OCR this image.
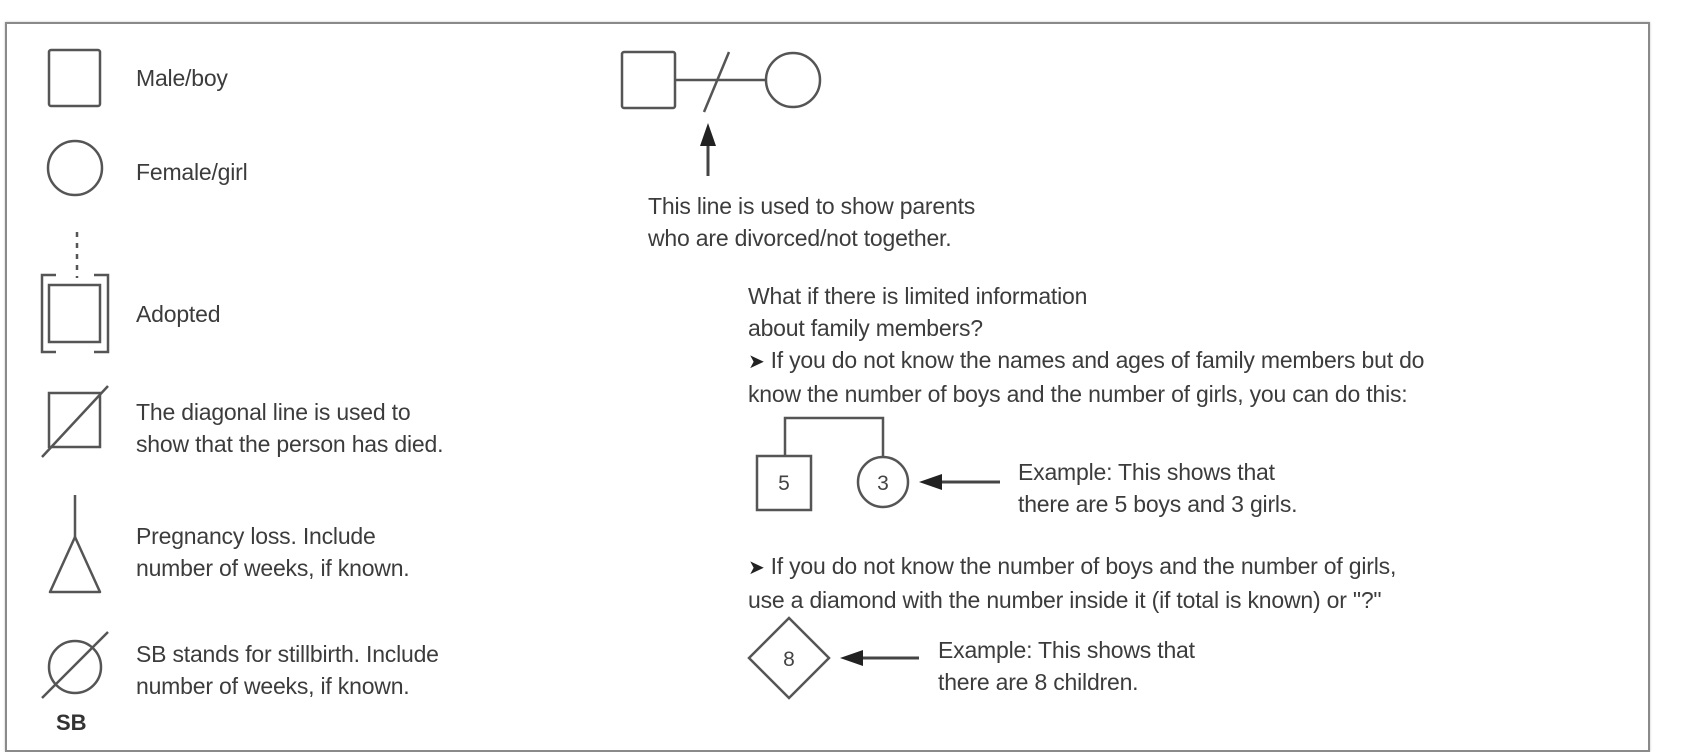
5	3
8
Male/boy
Female/girl
Adopted
The diagonal line is used to
show that the person has died.
Pregnancy loss. Include
number of weeks, if known.
SB stands for stillbirth. Include
number of weeks, if known.
SB
This line is used to show parents
who are divorced/not together.
What if there is limited information
about family members?
➤ If you do not know the names and ages of family members but do
know the number of boys and the number of girls, you can do this:
Example: This shows that
there are 5 boys and 3 girls.
➤ If you do not know the number of boys and the number of girls,
use a diamond with the number inside it (if total is known) or "?"
Example: This shows that
there are 8 children.
